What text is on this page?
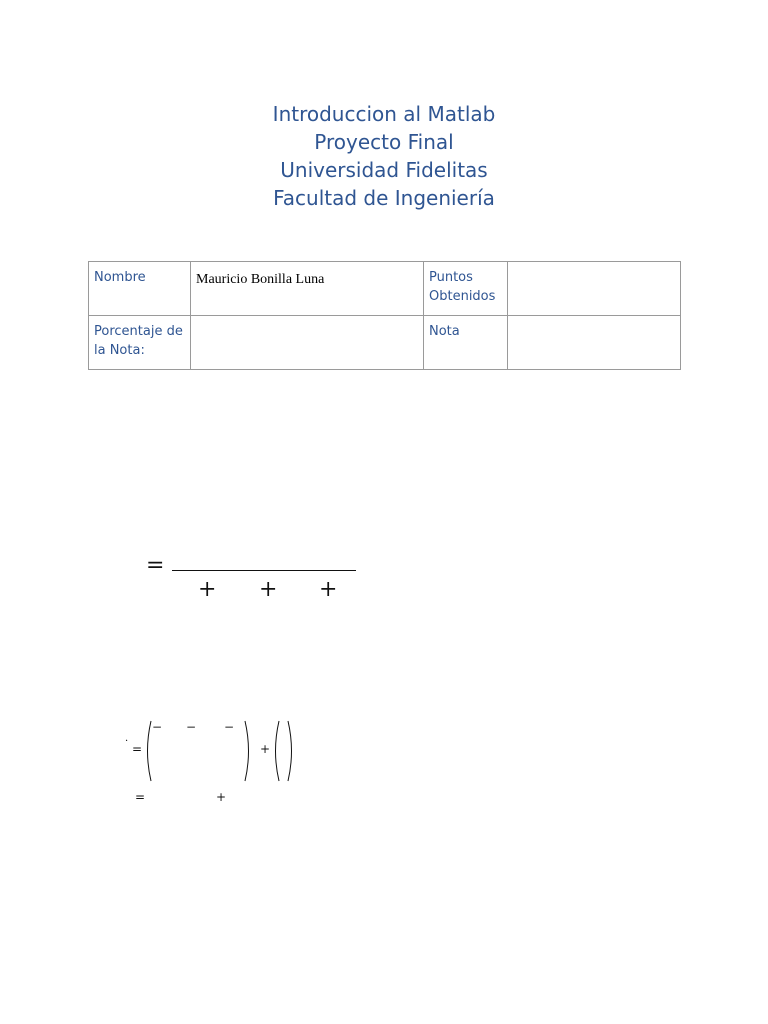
Introduccion al Matlab
Proyecto Final
Universidad Fidelitas
Facultad de Ingeniería
Nombre	Mauricio Bonilla Luna	Puntos Obtenidos	

Porcentaje de la Nota:		Nota	

=
+ + +
·
=
− − −
+
=	+
